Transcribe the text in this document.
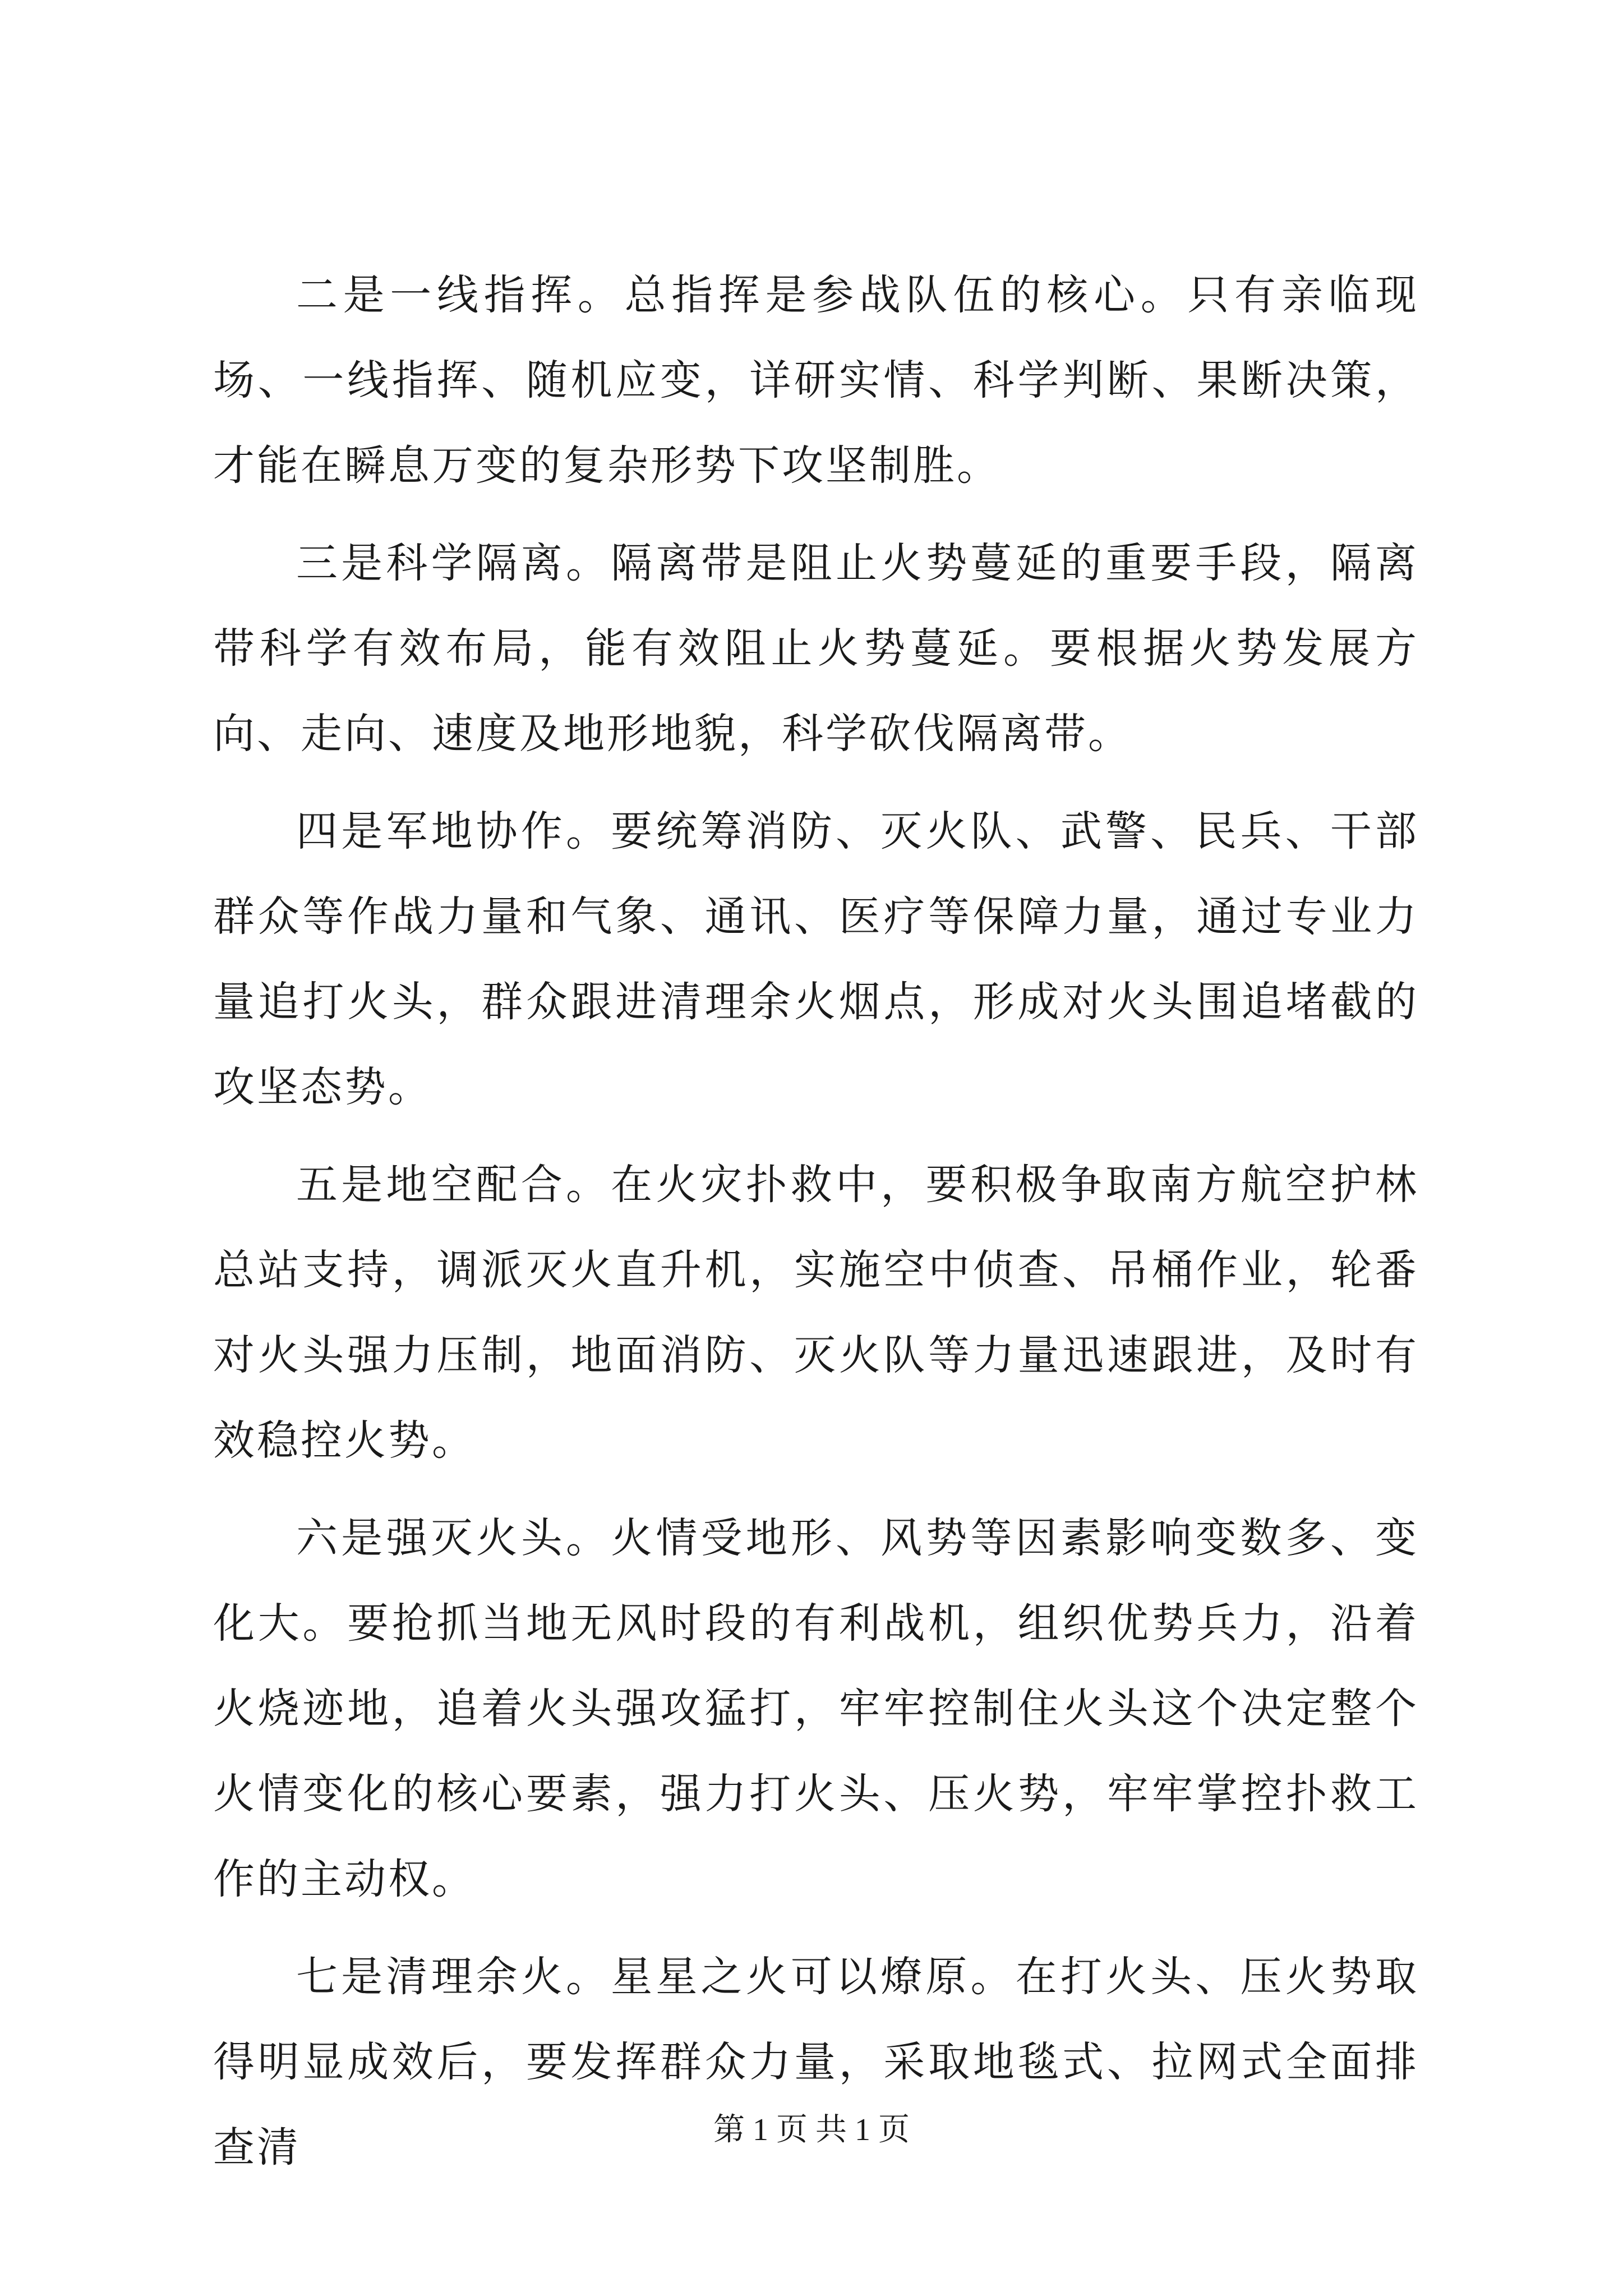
二是一线指挥。总指挥是参战队伍的核心。只有亲临现场、一线指挥、随机应变，详研实情、科学判断、果断决策，才能在瞬息万变的复杂形势下攻坚制胜。

三是科学隔离。隔离带是阻止火势蔓延的重要手段，隔离带科学有效布局，能有效阻止火势蔓延。要根据火势发展方向、走向、速度及地形地貌，科学砍伐隔离带。

四是军地协作。要统筹消防、灭火队、武警、民兵、干部群众等作战力量和气象、通讯、医疗等保障力量，通过专业力量追打火头，群众跟进清理余火烟点，形成对火头围追堵截的攻坚态势。

五是地空配合。在火灾扑救中，要积极争取南方航空护林总站支持，调派灭火直升机，实施空中侦查、吊桶作业，轮番对火头强力压制，地面消防、灭火队等力量迅速跟进，及时有效稳控火势。

六是强灭火头。火情受地形、风势等因素影响变数多、变化大。要抢抓当地无风时段的有利战机，组织优势兵力，沿着火烧迹地，追着火头强攻猛打，牢牢控制住火头这个决定整个火情变化的核心要素，强力打火头、压火势，牢牢掌控扑救工作的主动权。

七是清理余火。星星之火可以燎原。在打火头、压火势取得明显成效后，要发挥群众力量，采取地毯式、拉网式全面排查清	第 1 页 共 1 页
